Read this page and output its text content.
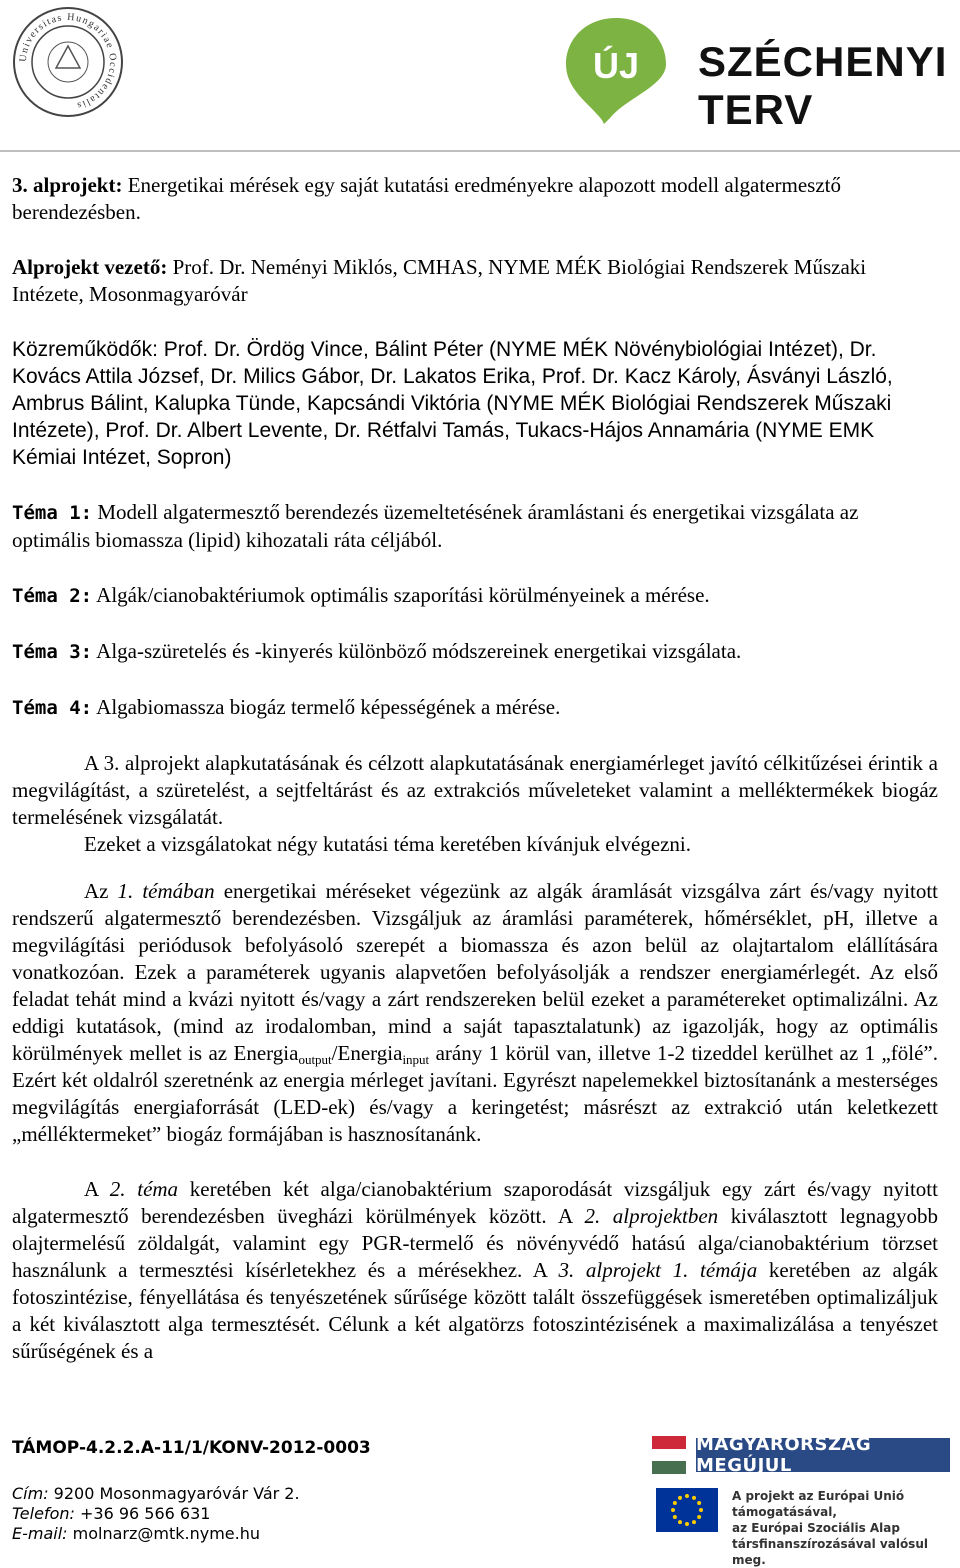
Universitas Hungariae Occidentalis
ÚJ SZÉCHENYI TERV

3. alprojekt: Energetikai mérések egy saját kutatási eredményekre alapozott modell algatermesztő berendezésben.

Alprojekt vezető: Prof. Dr. Neményi Miklós, CMHAS, NYME MÉK Biológiai Rendszerek Műszaki Intézete, Mosonmagyaróvár

Közreműködők: Prof. Dr. Ördög Vince, Bálint Péter (NYME MÉK Növénybiológiai Intézet), Dr. Kovács Attila József, Dr. Milics Gábor, Dr. Lakatos Erika, Prof. Dr. Kacz Károly, Ásványi László, Ambrus Bálint, Kalupka Tünde, Kapcsándi Viktória (NYME MÉK Biológiai Rendszerek Műszaki Intézete), Prof. Dr. Albert Levente, Dr. Rétfalvi Tamás, Tukacs-Hájos Annamária (NYME EMK Kémiai Intézet, Sopron)

Téma 1: Modell algatermesztő berendezés üzemeltetésének áramlástani és energetikai vizsgálata az optimális biomassza (lipid) kihozatali ráta céljából.

Téma 2: Algák/cianobaktériumok optimális szaporítási körülményeinek a mérése.

Téma 3: Alga-szüretelés és -kinyerés különböző módszereinek energetikai vizsgálata.

Téma 4: Algabiomassza biogáz termelő képességének a mérése.

A 3. alprojekt alapkutatásának és célzott alapkutatásának energiamérleget javító célkitűzései érintik a megvilágítást, a szüretelést, a sejtfeltárást és az extrakciós műveleteket valamint a melléktermékek biogáz termelésének vizsgálatát.

Ezeket a vizsgálatokat négy kutatási téma keretében kívánjuk elvégezni.

Az 1. témában energetikai méréseket végezünk az algák áramlását vizsgálva zárt és/vagy nyitott rendszerű algatermesztő berendezésben. Vizsgáljuk az áramlási paraméterek, hőmérséklet, pH, illetve a megvilágítási periódusok befolyásoló szerepét a biomassza és azon belül az olajtartalom elállítására vonatkozóan. Ezek a paraméterek ugyanis alapvetően befolyásolják a rendszer energiamérlegét. Az első feladat tehát mind a kvázi nyitott és/vagy a zárt rendszereken belül ezeket a paramétereket optimalizálni. Az eddigi kutatások, (mind az irodalomban, mind a saját tapasztalatunk) az igazolják, hogy az optimális körülmények mellet is az Energia$_{output}$/Energia$_{input}$ arány 1 körül van, illetve 1-2 tizeddel kerülhet az 1 „fölé”. Ezért két oldalról szeretnénk az energia mérleget javítani. Egyrészt napelemekkel biztosítanánk a mesterséges megvilágítás energiaforrását (LED-ek) és/vagy a keringetést; másrészt az extrakció után keletkezett „mélléktermeket” biogáz formájában is hasznosítanánk.

A 2. téma keretében két alga/cianobaktérium szaporodását vizsgáljuk egy zárt és/vagy nyitott algatermesztő berendezésben üvegházi körülmények között. A 2. alprojektben kiválasztott legnagyobb olajtermelésű zöldalgát, valamint egy PGR-termelő és növényvédő hatású alga/cianobaktérium törzset használunk a termesztési kísérletekhez és a mérésekhez. A 3. alprojekt 1. témája keretében az algák fotoszintézise, fényellátása és tenyészetének sűrűsége között talált összefüggések ismeretében optimalizáljuk a két kiválasztott alga termesztését. Célunk a két algatörzs fotoszintézisének a maximalizálása a tenyészet sűrűségének és a

TÁMOP-4.2.2.A-11/1/KONV-2012-0003
Cím: 9200 Mosonmagyaróvár Vár 2.
Telefon: +36 96 566 631
E-mail: molnarz@mtk.nyme.hu
MAGYARORSZÁG MEGÚJUL
A projekt az Európai Unió támogatásával,
az Európai Szociális Alap
társfinanszírozásával valósul meg.
